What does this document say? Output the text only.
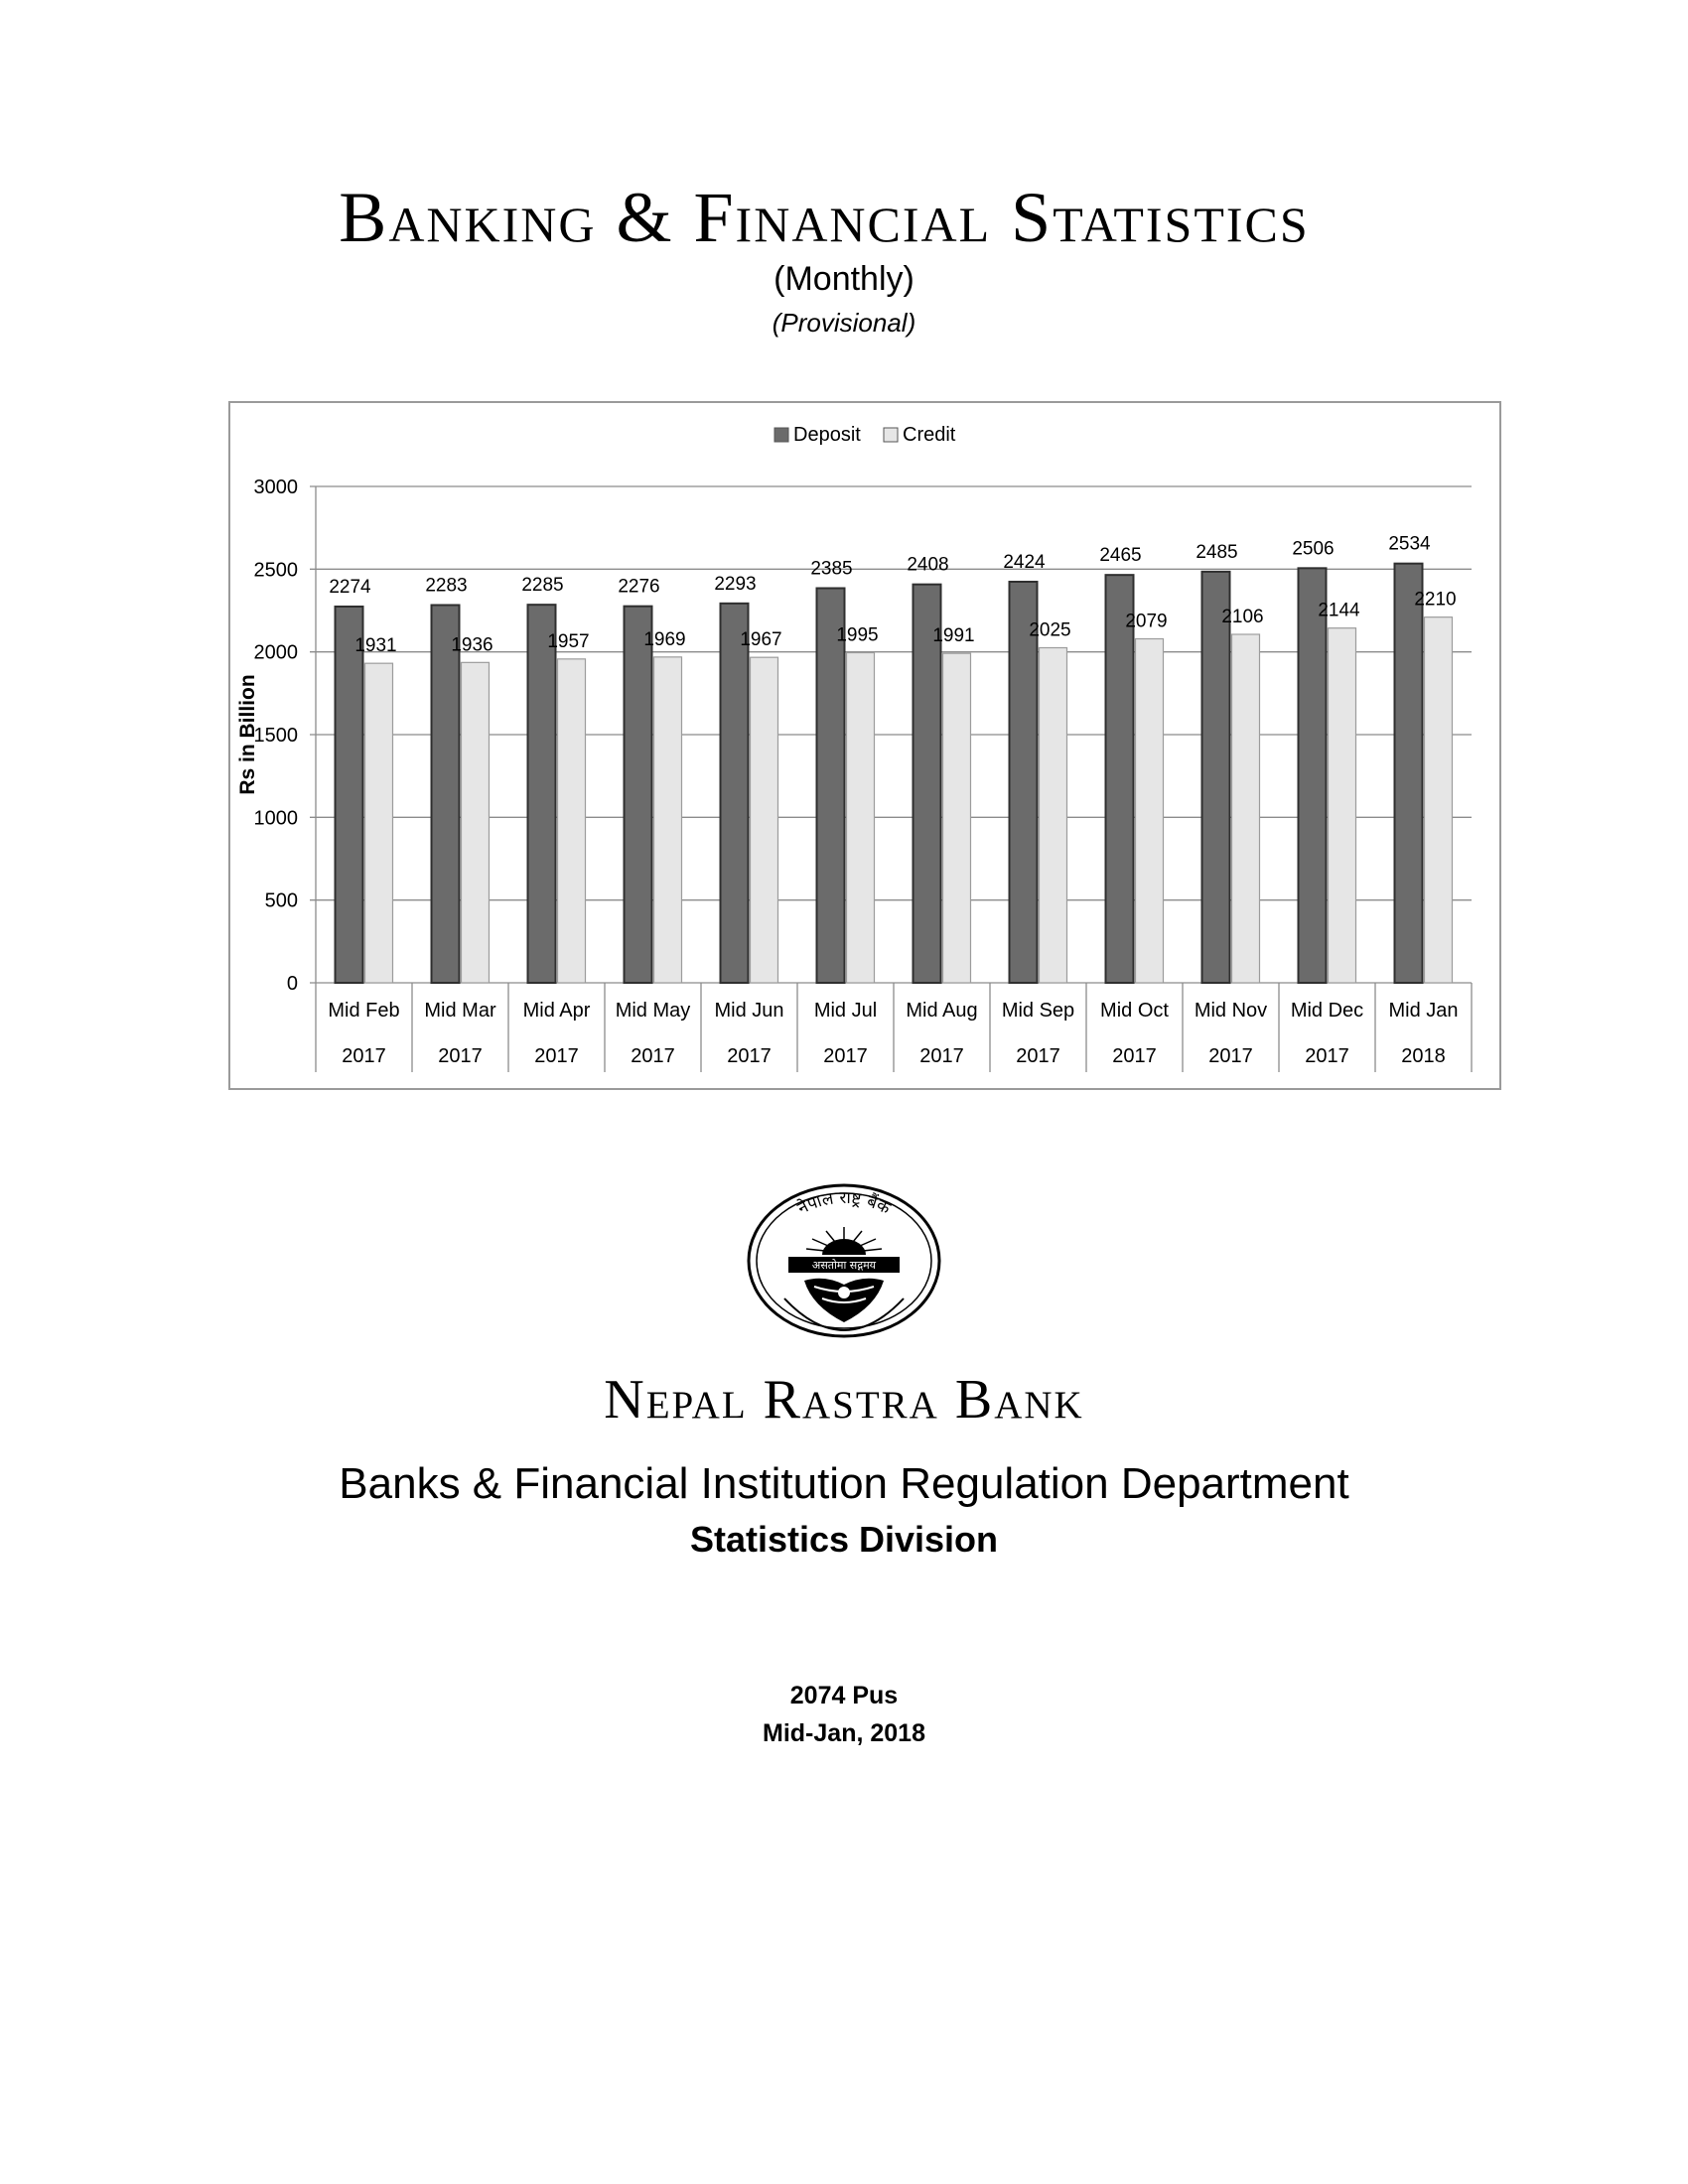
Banking & Financial Statistics
(Monthly)
(Provisional)
0
500
1000
1500
2000
2500
3000
Rs in Billion
Deposit Credit
2274
1931
Mid Feb
2017
2283
1936
Mid Mar
2017
2285
1957
Mid Apr
2017
2276
1969
Mid May
2017
2293
1967
Mid Jun
2017
2385
1995
Mid Jul
2017
2408
1991
Mid Aug
2017
2424
2025
Mid Sep
2017
2465
2079
Mid Oct
2017
2485
2106
Mid Nov
2017
2506
2144
Mid Dec
2017
2534
2210
Mid Jan
2018
नेपाल राष्ट्र बैंक
असतोमा सद्गमय
Nepal Rastra Bank
Banks & Financial Institution Regulation Department
Statistics Division
2074 Pus
Mid-Jan, 2018
